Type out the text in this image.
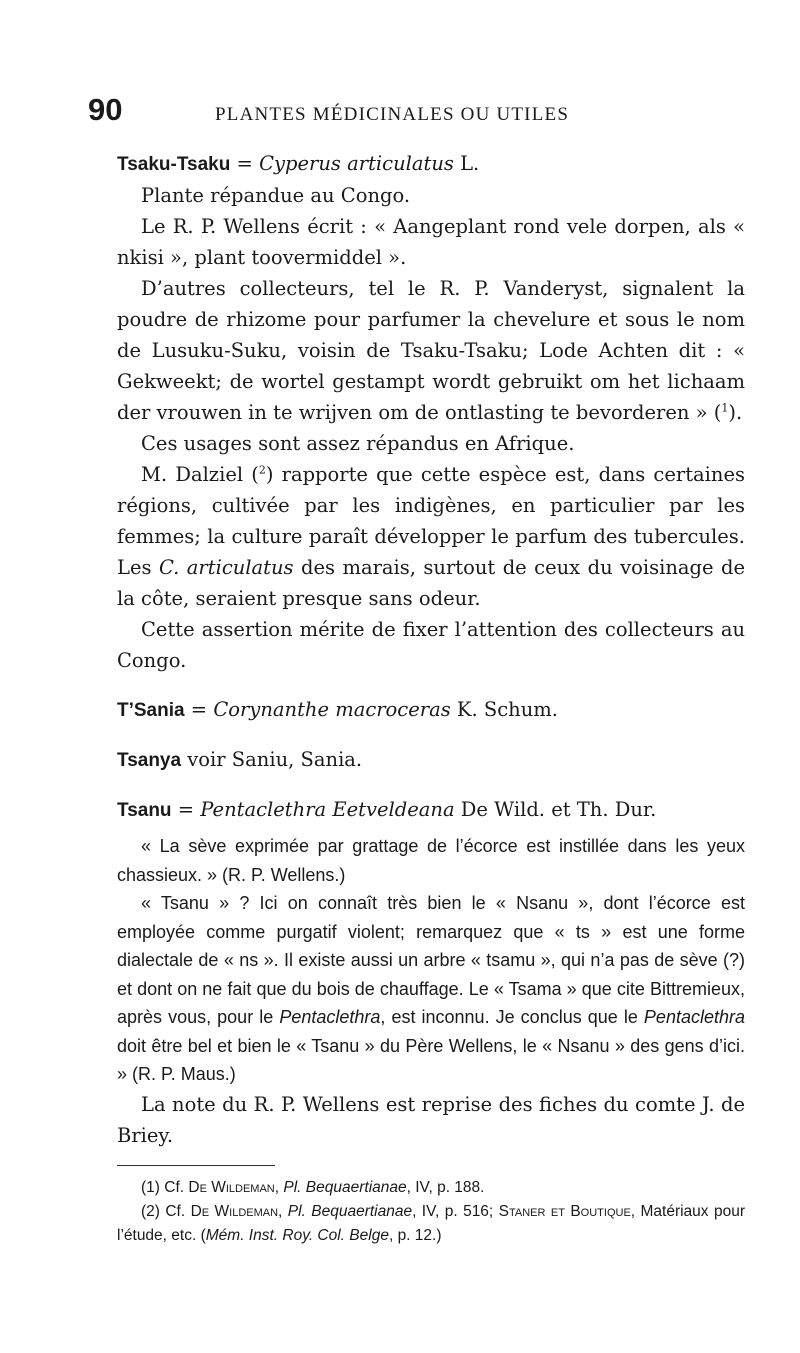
90	PLANTES MÉDICINALES OU UTILES

Tsaku-Tsaku = Cyperus articulatus L.

Plante répandue au Congo.

Le R. P. Wellens écrit : « Aangeplant rond vele dorpen, als « nkisi », plant toovermiddel ».

D’autres collecteurs, tel le R. P. Vanderyst, signalent la poudre de rhizome pour parfumer la chevelure et sous le nom de Lusuku-Suku, voisin de Tsaku-Tsaku; Lode Achten dit : « Gekweekt; de wortel gestampt wordt gebruikt om het lichaam der vrouwen in te wrijven om de ontlasting te bevorderen » ($^1$).

Ces usages sont assez répandus en Afrique.

M. Dalziel ($^2$) rapporte que cette espèce est, dans certaines régions, cultivée par les indigènes, en particulier par les femmes; la culture paraît développer le parfum des tubercules. Les C. articulatus des marais, surtout de ceux du voisinage de la côte, seraient presque sans odeur.

Cette assertion mérite de fixer l’attention des collecteurs au Congo.

T’Sania = Corynanthe macroceras K. Schum.

Tsanya voir Saniu, Sania.

Tsanu = Pentaclethra Eetveldeana De Wild. et Th. Dur.

« La sève exprimée par grattage de l’écorce est instillée dans les yeux chassieux. » (R. P. Wellens.)

« Tsanu » ? Ici on connaît très bien le « Nsanu », dont l’écorce est employée comme purgatif violent; remarquez que « ts » est une forme dialectale de « ns ». Il existe aussi un arbre « tsamu », qui n’a pas de sève (?) et dont on ne fait que du bois de chauffage. Le « Tsama » que cite Bittremieux, après vous, pour le Pentaclethra, est inconnu. Je conclus que le Pentaclethra doit être bel et bien le « Tsanu » du Père Wellens, le « Nsanu » des gens d’ici. » (R. P. Maus.)

La note du R. P. Wellens est reprise des fiches du comte J. de Briey.

(1) Cf. De Wildeman, Pl. Bequaertianae, IV, p. 188.

(2) Cf. De Wildeman, Pl. Bequaertianae, IV, p. 516; Staner et Boutique, Matériaux pour l’étude, etc. (Mém. Inst. Roy. Col. Belge, p. 12.)
